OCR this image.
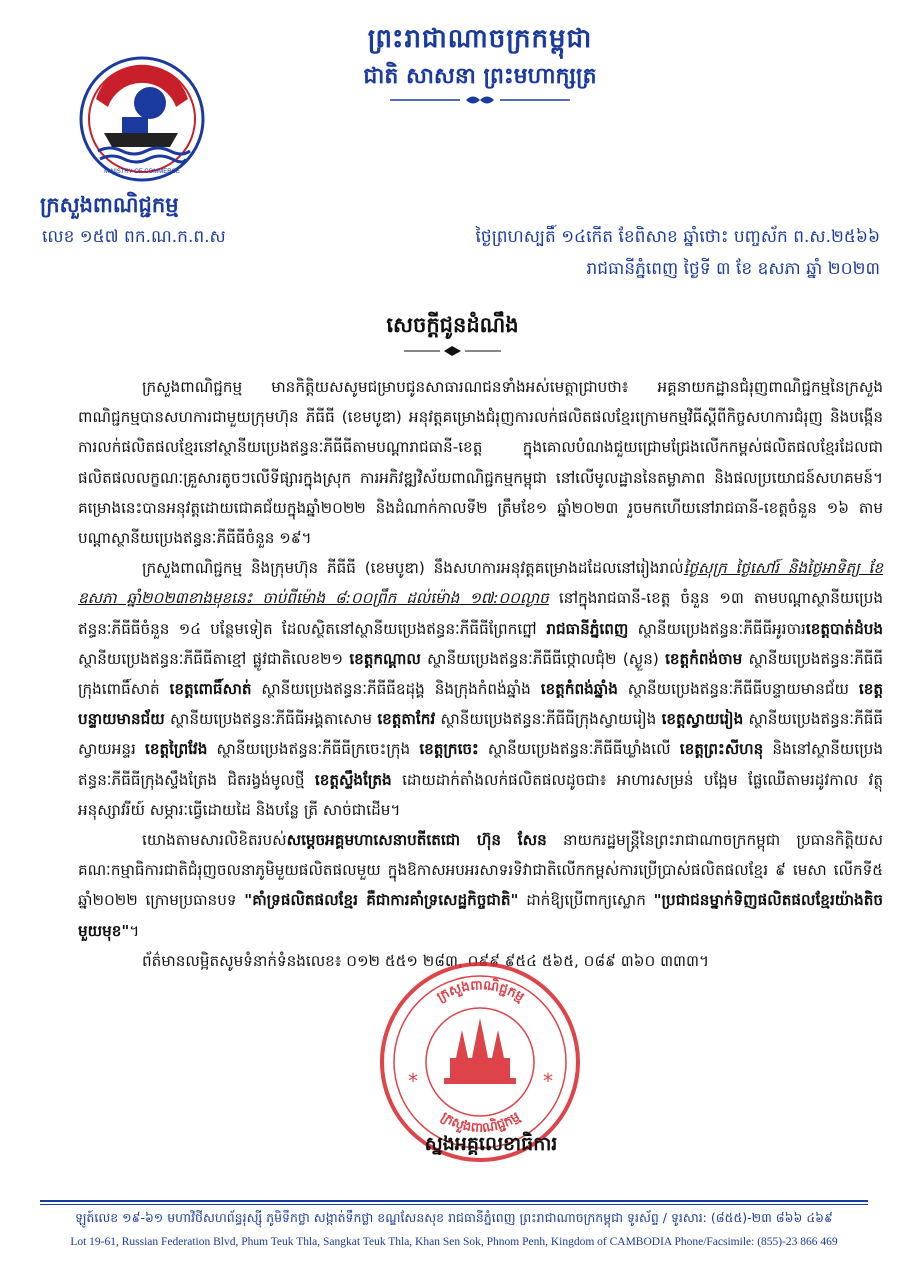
ព្រះរាជាណាចក្រកម្ពុជា
ជាតិ សាសនា ព្រះមហាក្សត្រ
MINISTRY OF COMMERCE
ក្រសួងពាណិជ្ជកម្ម
លេខ ១៥៧ ពក.ណ.ក.ព.ស	ថ្ងៃព្រហស្បតិ៍ ១៤កើត ខែពិសាខ ឆ្នាំថោះ បញ្ចស័ក ព.ស.២៥៦៦
រាជធានីភ្នំពេញ ថ្ងៃទី ៣ ខែ ឧសភា ឆ្នាំ ២០២៣
សេចក្តីជូនដំណឹង

ក្រសួងពាណិជ្ជកម្ម មានកិត្តិយសសូមជម្រាបជូនសាធារណជនទាំងអស់មេត្តាជ្រាបថា៖ អគ្គនាយកដ្ឋានជំរុញពាណិជ្ជកម្មនៃក្រសួងពាណិជ្ជកម្មបានសហការជាមួយក្រុមហ៊ុន ភីធីធី (ខេមបូឌា) អនុវត្តគម្រោងជំរុញការលក់ផលិតផលខ្មែរក្រោមកម្មវិធីស្តីពីកិច្ចសហការជំរុញ និងបង្កើនការលក់ផលិតផលខ្មែរនៅស្ថានីយប្រេងឥន្ធនៈភីធីធីតាមបណ្តារាជធានី-ខេត្ត ក្នុងគោលបំណងជួយជ្រោមជ្រែងលើកកម្ពស់ផលិតផលខ្មែរដែលជាផលិតផលលក្ខណៈគ្រួសារតូចៗលើទីផ្សារក្នុងស្រុក ការអភិវឌ្ឍវិស័យពាណិជ្ជកម្មកម្ពុជា នៅលើមូលដ្ឋាននៃតម្លាភាព និងផលប្រយោជន៍សហគមន៍។ គម្រោងនេះបានអនុវត្តដោយជោគជ័យក្នុងឆ្នាំ២០២២ និងដំណាក់កាលទី២ ត្រឹមខែ១ ឆ្នាំ២០២៣ រួចមកហើយនៅរាជធានី-ខេត្តចំនួន ១៦ តាមបណ្តាស្ថានីយប្រេងឥន្ធនៈភីធីធីចំនួន ១៩។

ក្រសួងពាណិជ្ជកម្ម និងក្រុមហ៊ុន ភីធីធី (ខេមបូឌា) នឹងសហការអនុវត្តគម្រោងដដែលនៅរៀងរាល់ថ្ងៃសុក្រ ថ្ងៃសៅរ៍ និងថ្ងៃអាទិត្យ ខែឧសភា ឆ្នាំ២០២៣ខាងមុខនេះ ចាប់ពីម៉ោង ៨:០០ព្រឹក ដល់ម៉ោង ១៧:០០ល្ងាច នៅក្នុងរាជធានី-ខេត្ត ចំនួន ១៣ តាមបណ្តាស្ថានីយប្រេងឥន្ធនៈភីធីធីចំនួន ១៤ បន្ថែមទៀត ដែលស្ថិតនៅស្ថានីយប្រេងឥន្ធនៈភីធីធីព្រែកព្នៅ រាជធានីភ្នំពេញ ស្ថានីយប្រេងឥន្ធនៈភីធីធីអូរចារខេត្តបាត់ដំបង ស្ថានីយប្រេងឥន្ធនៈភីធីធីតាខ្មៅ ផ្លូវជាតិលេខ២១ ខេត្តកណ្តាល ស្ថានីយប្រេងឥន្ធនៈភីធីធីថ្កោលជុំ២ (ស្ងួន) ខេត្តកំពង់ចាម ស្ថានីយប្រេងឥន្ធនៈភីធីធីក្រុងពោធិ៍សាត់ ខេត្តពោធិ៍សាត់ ស្ថានីយប្រេងឥន្ធនៈភីធីធីឧដុង្គ និងក្រុងកំពង់ឆ្នាំង ខេត្តកំពង់ឆ្នាំង ស្ថានីយប្រេងឥន្ធនៈភីធីធីបន្ទាយមានជ័យ ខេត្តបន្ទាយមានជ័យ ស្ថានីយប្រេងឥន្ធនៈភីធីធីអង្គតាសោម ខេត្តតាកែវ ស្ថានីយប្រេងឥន្ធនៈភីធីធីក្រុងស្វាយរៀង ខេត្តស្វាយរៀង ស្ថានីយប្រេងឥន្ធនៈភីធីធីស្វាយអន្ទរ ខេត្តព្រៃវែង ស្ថានីយប្រេងឥន្ធនៈភីធីធីក្រចេះក្រុង ខេត្តក្រចេះ ស្ថានីយប្រេងឥន្ធនៈភីធីធីឃ្លាំងលើ ខេត្តព្រះសីហនុ និងនៅស្ថានីយប្រេងឥន្ធនៈភីធីធីក្រុងស្ទឹងត្រែង ជិតរង្វង់មូលថ្មី ខេត្តស្ទឹងត្រែង ដោយដាក់តាំងលក់ផលិតផលដូចជា៖ អាហារសម្រន់ បង្អែម ផ្លែឈើតាមរដូវកាល វត្ថុអនុស្សាវរីយ៍ សម្ភារៈធ្វើដោយដៃ និងបន្លែ ត្រី សាច់ជាដើម។

យោងតាមសារលិខិតរបស់សម្តេចអគ្គមហាសេនាបតីតេជោ ហ៊ុន សែន នាយករដ្ឋមន្ត្រីនៃព្រះរាជាណាចក្រកម្ពុជា ប្រធានកិត្តិយសគណៈកម្មាធិការជាតិជំរុញចលនាភូមិមួយផលិតផលមួយ ក្នុងឱកាសអបអរសាទរទិវាជាតិលើកកម្ពស់ការប្រើប្រាស់ផលិតផលខ្មែរ ៩ មេសា លើកទី៥ ឆ្នាំ២០២២ ក្រោមប្រធានបទ "គាំទ្រផលិតផលខ្មែរ គឺជាការគាំទ្រសេដ្ឋកិច្ចជាតិ" ដាក់ឱ្យប្រើពាក្យស្លោក "ប្រជាជនម្នាក់ទិញផលិតផលខ្មែរយ៉ាងតិចមួយមុខ"។

ព័ត៌មានលម្អិតសូមទំនាក់ទំនងលេខ៖ ០១២ ៥៥១ ២៨៣, ០៩៩ ៩៥៤ ៥៦៥, ០៨៩ ៣៦០ ៣៣៣។

ក្រសួងពាណិជ្ជកម្ម
ក្រសួងពាណិជ្ជកម្ម
*	*
ស្នងអគ្គលេខាធិការ
ឡូត៍លេខ ១៩-៦១ មហាវិថីសហព័ន្ធរុស្ស៊ី ភូមិទឹកថ្លា សង្កាត់ទឹកថ្លា ខណ្ឌសែនសុខ រាជធានីភ្នំពេញ ព្រះរាជាណាចក្រកម្ពុជា ទូរស័ព្ទ / ទូរសារ: (៨៥៥)-២៣ ៨៦៦ ៤៦៩
Lot 19-61, Russian Federation Blvd, Phum Teuk Thla, Sangkat Teuk Thla, Khan Sen Sok, Phnom Penh, Kingdom of CAMBODIA Phone/Facsimile: (855)-23 866 469
